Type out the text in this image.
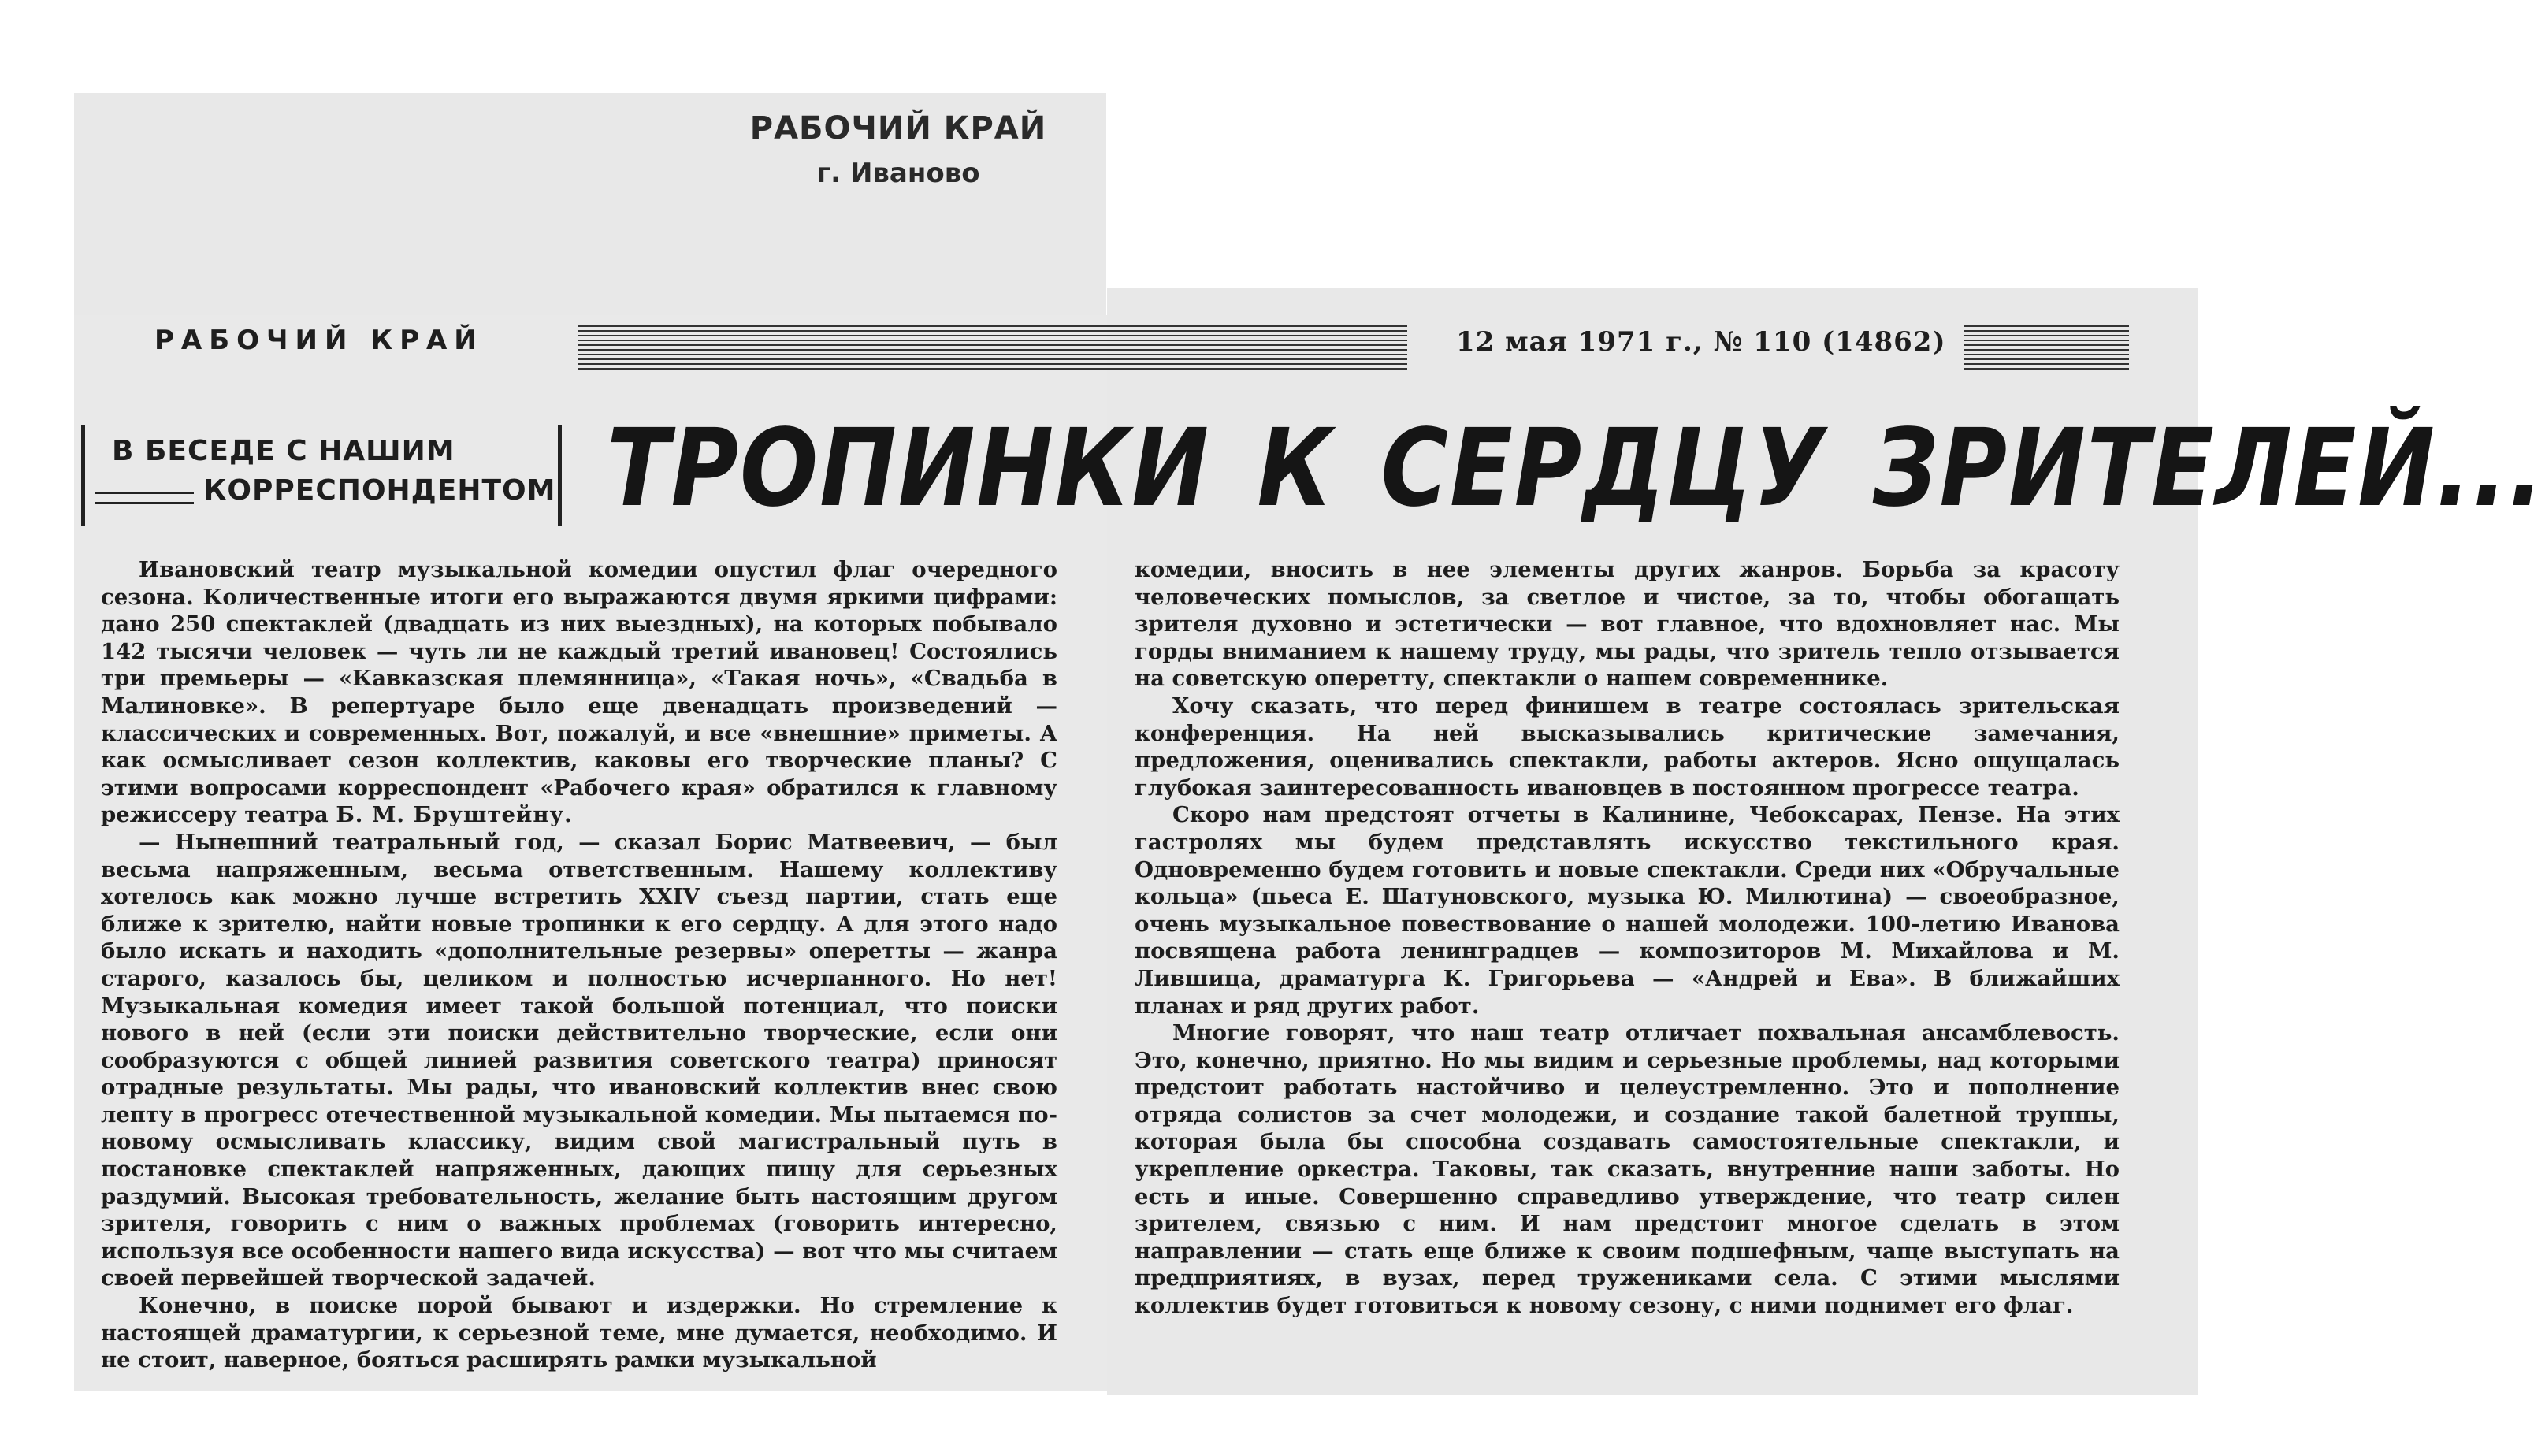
РАБОЧИЙ КРАЙ
г. Иваново
РАБОЧИЙ КРАЙ	12 мая 1971 г., № 110 (14862)
В БЕСЕДЕ С НАШИМ
КОРРЕСПОНДЕНТОМ ТРОПИНКИ К СЕРДЦУ ЗРИТЕЛЕЙ...

Ивановский театр музыкальной комедии опустил флаг очередного сезона. Количественные итоги его выражаются двумя яркими цифрами: дано 250 спектаклей (двадцать из них выездных), на которых побывало 142 тысячи человек — чуть ли не каждый третий ивановец! Состоялись три премьеры — «Кавказская племянница», «Такая ночь», «Свадьба в Малиновке». В репертуаре было еще двенадцать произведений — классических и современных. Вот, пожалуй, и все «внешние» приметы. А как осмысливает сезон коллектив, каковы его творческие планы? С этими вопросами корреспондент «Рабочего края» обратился к главному режиссеру театра Б. М. Бруштейну.

— Нынешний театральный год, — сказал Борис Матвеевич, — был весьма напряженным, весьма ответственным. Нашему коллективу хотелось как можно лучше встретить XXIV съезд партии, стать еще ближе к зрителю, найти новые тропинки к его сердцу. А для этого надо было искать и находить «дополнительные резервы» оперетты — жанра старого, казалось бы, целиком и полностью исчерпанного. Но нет! Музыкальная комедия имеет такой большой потенциал, что поиски нового в ней (если эти поиски действительно творческие, если они сообразуются с общей линией развития советского театра) приносят отрадные результаты. Мы рады, что ивановский коллектив внес свою лепту в прогресс отечественной музыкальной комедии. Мы пытаемся по-новому осмысливать классику, видим свой магистральный путь в постановке спектаклей напряженных, дающих пищу для серьезных раздумий. Высокая требовательность, желание быть настоящим другом зрителя, говорить с ним о важных проблемах (говорить интересно, используя все особенности нашего вида искусства) — вот что мы считаем своей первейшей творческой задачей.

Конечно, в поиске порой бывают и издержки. Но стремление к настоящей драматургии, к серьезной теме, мне думается, необходимо. И не стоит, наверное, бояться расширять рамки музыкальной

комедии, вносить в нее элементы других жанров. Борьба за красоту человеческих помыслов, за светлое и чистое, за то, чтобы обогащать зрителя духовно и эстетически — вот главное, что вдохновляет нас. Мы горды вниманием к нашему труду, мы рады, что зритель тепло отзывается на советскую оперетту, спектакли о нашем современнике.

Хочу сказать, что перед финишем в театре состоялась зрительская конференция. На ней высказывались критические замечания, предложения, оценивались спектакли, работы актеров. Ясно ощущалась глубокая заинтересованность ивановцев в постоянном прогрессе театра.

Скоро нам предстоят отчеты в Калинине, Чебоксарах, Пензе. На этих гастролях мы будем представлять искусство текстильного края. Одновременно будем готовить и новые спектакли. Среди них «Обручальные кольца» (пьеса Е. Шатуновского, музыка Ю. Милютина) — своеобразное, очень музыкальное повествование о нашей молодежи. 100-летию Иванова посвящена работа ленинградцев — композиторов М. Михайлова и М. Лившица, драматурга К. Григорьева — «Андрей и Ева». В ближайших планах и ряд других работ.

Многие говорят, что наш театр отличает похвальная ансамблевость. Это, конечно, приятно. Но мы видим и серьезные проблемы, над которыми предстоит работать настойчиво и целеустремленно. Это и пополнение отряда солистов за счет молодежи, и создание такой балетной труппы, которая была бы способна создавать самостоятельные спектакли, и укрепление оркестра. Таковы, так сказать, внутренние наши заботы. Но есть и иные. Совершенно справедливо утверждение, что театр силен зрителем, связью с ним. И нам предстоит многое сделать в этом направлении — стать еще ближе к своим подшефным, чаще выступать на предприятиях, в вузах, перед тружениками села. С этими мыслями коллектив будет готовиться к новому сезону, с ними поднимет его флаг.
